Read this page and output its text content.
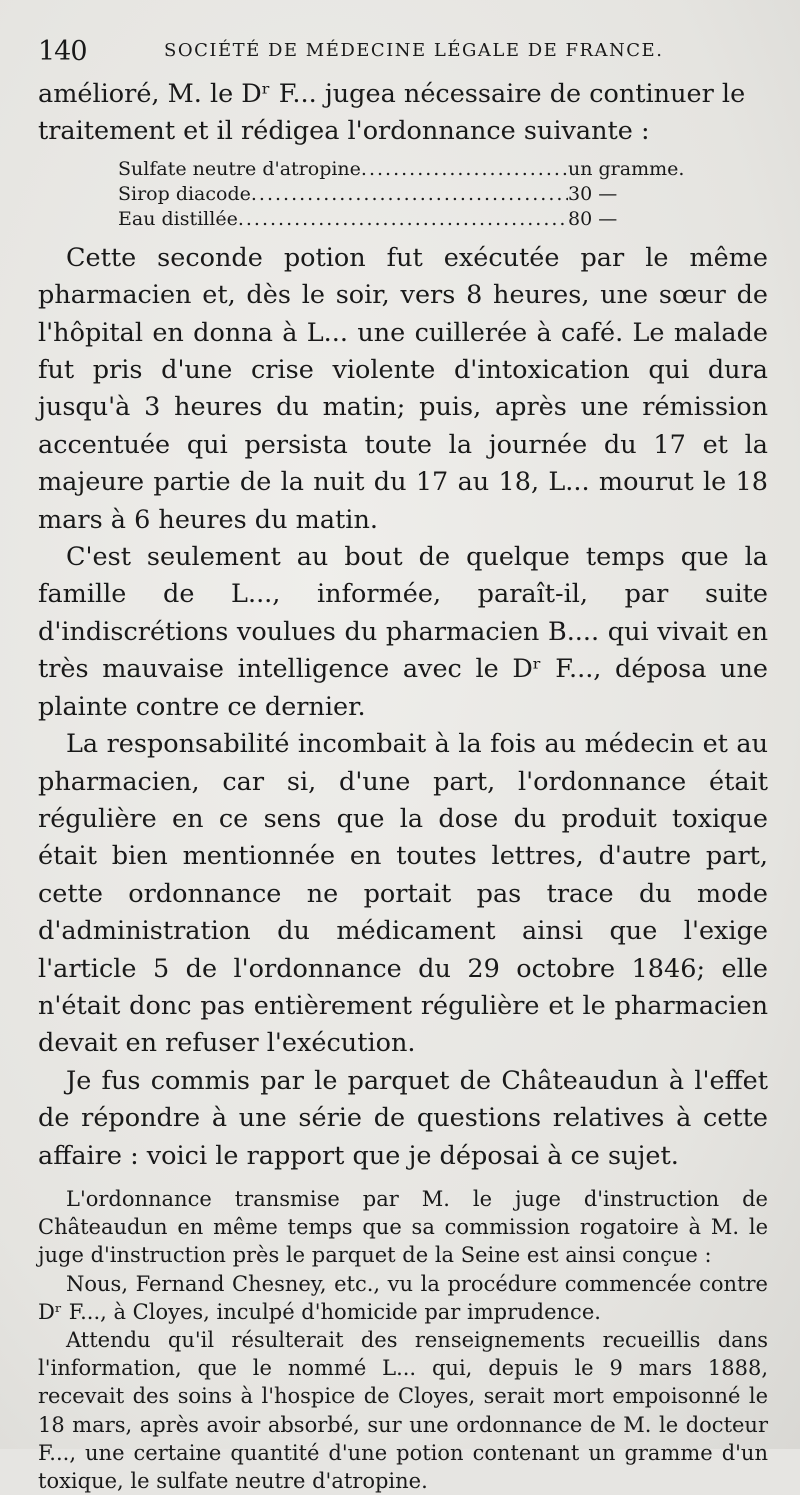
140	SOCIÉTÉ DE MÉDECINE LÉGALE DE FRANCE.

amélioré, M. le Dʳ F... jugea nécessaire de continuer le

traitement et il rédigea l'ordonnance suivante :

Sulfate neutre d'atropine .....	un gramme.
Sirop diacode .....	30 —
Eau distillée .....	80 —

Cette seconde potion fut exécutée par le même pharmacien et, dès le soir, vers 8 heures, une sœur de l'hôpital en donna à L... une cuillerée à café. Le malade fut pris d'une crise violente d'intoxication qui dura jusqu'à 3 heures du matin; puis, après une rémission accentuée qui persista toute la journée du 17 et la majeure partie de la nuit du 17 au 18, L... mourut le 18 mars à 6 heures du matin.

C'est seulement au bout de quelque temps que la famille de L..., informée, paraît-il, par suite d'indiscrétions voulues du pharmacien B.... qui vivait en très mauvaise intelligence avec le Dʳ F..., déposa une plainte contre ce dernier.

La responsabilité incombait à la fois au médecin et au pharmacien, car si, d'une part, l'ordonnance était régulière en ce sens que la dose du produit toxique était bien mentionnée en toutes lettres, d'autre part, cette ordonnance ne portait pas trace du mode d'administration du médicament ainsi que l'exige l'article 5 de l'ordonnance du 29 octobre 1846; elle n'était donc pas entièrement régulière et le pharmacien devait en refuser l'exécution.

Je fus commis par le parquet de Châteaudun à l'effet de répondre à une série de questions relatives à cette affaire : voici le rapport que je déposai à ce sujet.

L'ordonnance transmise par M. le juge d'instruction de Châteaudun en même temps que sa commission rogatoire à M. le juge d'instruction près le parquet de la Seine est ainsi conçue :

Nous, Fernand Chesney, etc., vu la procédure commencée contre Dʳ F..., à Cloyes, inculpé d'homicide par imprudence.

Attendu qu'il résulterait des renseignements recueillis dans l'information, que le nommé L... qui, depuis le 9 mars 1888, recevait des soins à l'hospice de Cloyes, serait mort empoisonné le 18 mars, après avoir absorbé, sur une ordonnance de M. le docteur F..., une certaine quantité d'une potion contenant un gramme d'un toxique, le sulfate neutre d'atropine.
